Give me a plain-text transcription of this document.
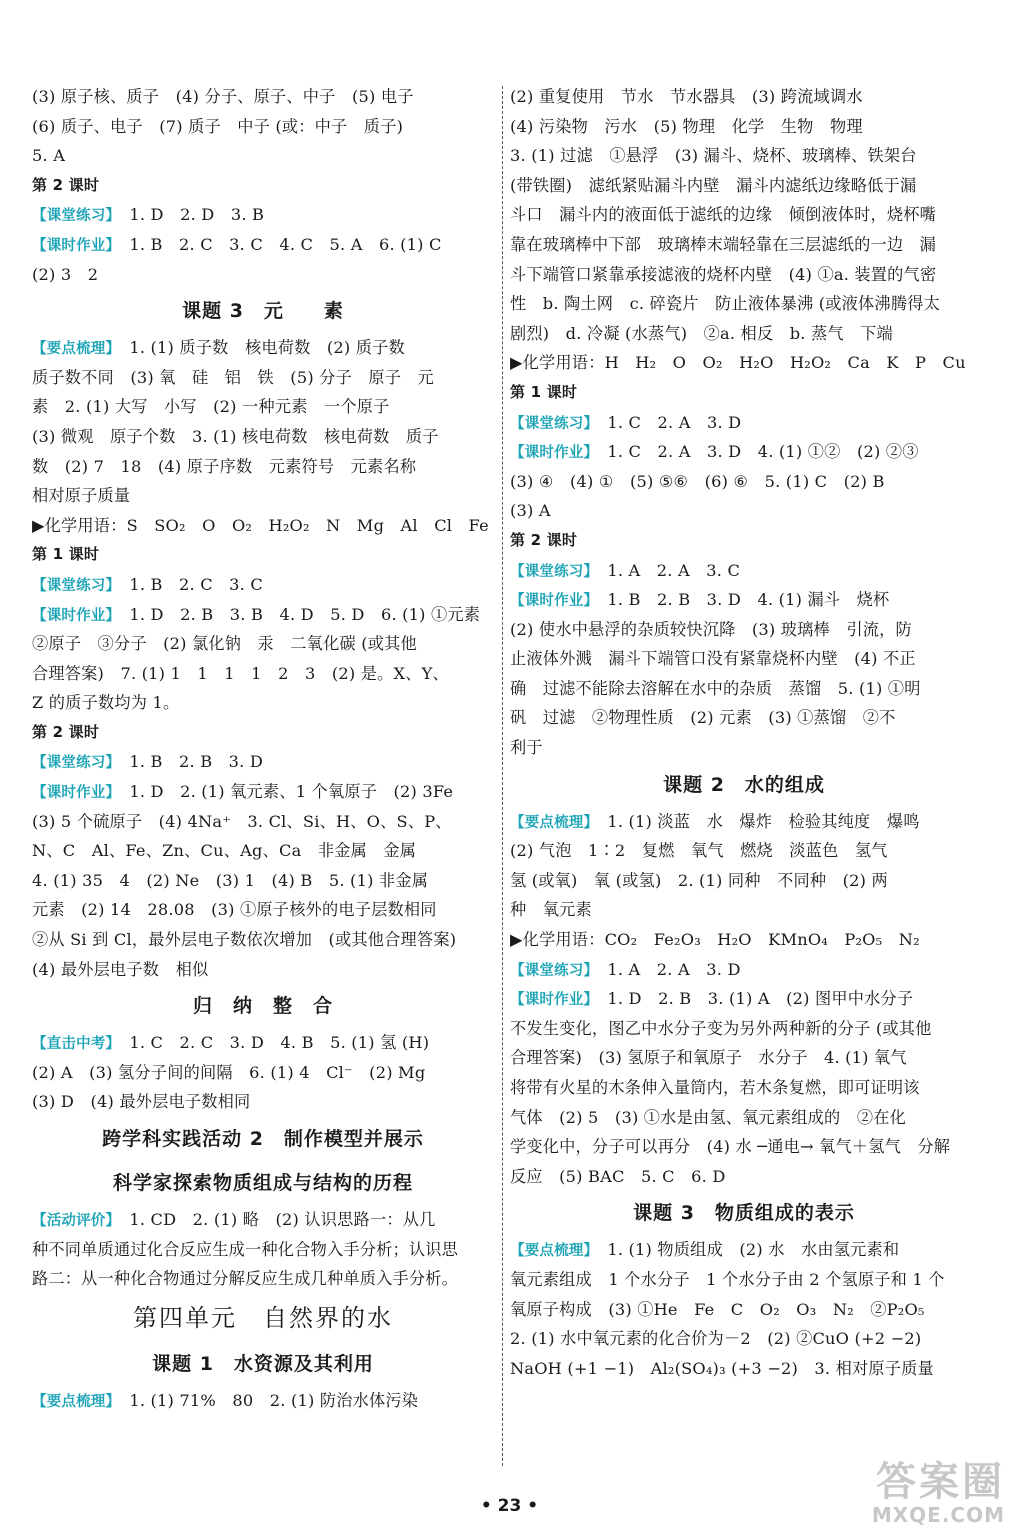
(3) 原子核、质子　(4) 分子、原子、中子　(5) 电子
(6) 质子、电子　(7) 质子　中子 (或：中子　质子)
5. A
第 2 课时
【课堂练习】　1. D　2. D　3. B
【课时作业】　1. B　2. C　3. C　4. C　5. A　6. (1) C
(2) 3　2
课题 3　元　　素
【要点梳理】　1. (1) 质子数　核电荷数　(2) 质子数
质子数不同　(3) 氧　硅　铝　铁　(5) 分子　原子　元
素　2. (1) 大写　小写　(2) 一种元素　一个原子
(3) 微观　原子个数　3. (1) 核电荷数　核电荷数　质子
数　(2) 7　18　(4) 原子序数　元素符号　元素名称
相对原子质量
▶化学用语：S　SO₂　O　O₂　H₂O₂　N　Mg　Al　Cl　Fe
第 1 课时
【课堂练习】　1. B　2. C　3. C
【课时作业】　1. D　2. B　3. B　4. D　5. D　6. (1) ①元素
②原子　③分子　(2) 氯化钠　汞　二氧化碳 (或其他
合理答案)　7. (1) 1　1　1　1　2　3　(2) 是。X、Y、
Z 的质子数均为 1。
第 2 课时
【课堂练习】　1. B　2. B　3. D
【课时作业】　1. D　2. (1) 氧元素、1 个氧原子　(2) 3Fe
(3) 5 个硫原子　(4) 4Na⁺　3. Cl、Si、H、O、S、P、
N、C　Al、Fe、Zn、Cu、Ag、Ca　非金属　金属
4. (1) 35　4　(2) Ne　(3) 1　(4) B　5. (1) 非金属
元素　(2) 14　28.08　(3) ①原子核外的电子层数相同
②从 Si 到 Cl，最外层电子数依次增加　(或其他合理答案)
(4) 最外层电子数　相似
归　纳　整　合
【直击中考】　1. C　2. C　3. D　4. B　5. (1) 氢 (H)
(2) A　(3) 氢分子间的间隔　6. (1) 4　Cl⁻　(2) Mg
(3) D　(4) 最外层电子数相同
跨学科实践活动 2　制作模型并展示
科学家探索物质组成与结构的历程
【活动评价】　1. CD　2. (1) 略　(2) 认识思路一：从几
种不同单质通过化合反应生成一种化合物入手分析；认识思
路二：从一种化合物通过分解反应生成几种单质入手分析。
第四单元　自然界的水
课题 1　水资源及其利用
【要点梳理】　1. (1) 71%　80　2. (1) 防治水体污染
(2) 重复使用　节水　节水器具　(3) 跨流域调水
(4) 污染物　污水　(5) 物理　化学　生物　物理
3. (1) 过滤　①悬浮　(3) 漏斗、烧杯、玻璃棒、铁架台
(带铁圈)　滤纸紧贴漏斗内壁　漏斗内滤纸边缘略低于漏
斗口　漏斗内的液面低于滤纸的边缘　倾倒液体时，烧杯嘴
靠在玻璃棒中下部　玻璃棒末端轻靠在三层滤纸的一边　漏
斗下端管口紧靠承接滤液的烧杯内壁　(4) ①a. 装置的气密
性　b. 陶土网　c. 碎瓷片　防止液体暴沸 (或液体沸腾得太
剧烈)　d. 冷凝 (水蒸气)　②a. 相反　b. 蒸气　下端
▶化学用语：H　H₂　O　O₂　H₂O　H₂O₂　Ca　K　P　Cu
第 1 课时
【课堂练习】　1. C　2. A　3. D
【课时作业】　1. C　2. A　3. D　4. (1) ①②　(2) ②③
(3) ④　(4) ①　(5) ⑤⑥　(6) ⑥　5. (1) C　(2) B
(3) A
第 2 课时
【课堂练习】　1. A　2. A　3. C
【课时作业】　1. B　2. B　3. D　4. (1) 漏斗　烧杯
(2) 使水中悬浮的杂质较快沉降　(3) 玻璃棒　引流，防
止液体外溅　漏斗下端管口没有紧靠烧杯内壁　(4) 不正
确　过滤不能除去溶解在水中的杂质　蒸馏　5. (1) ①明
矾　过滤　②物理性质　(2) 元素　(3) ①蒸馏　②不
利于
课题 2　水的组成
【要点梳理】　1. (1) 淡蓝　水　爆炸　检验其纯度　爆鸣
(2) 气泡　1∶2　复燃　氧气　燃烧　淡蓝色　氢气
氢 (或氧)　氧 (或氢)　2. (1) 同种　不同种　(2) 两
种　氧元素
▶化学用语：CO₂　Fe₂O₃　H₂O　KMnO₄　P₂O₅　N₂
【课堂练习】　1. A　2. A　3. D
【课时作业】　1. D　2. B　3. (1) A　(2) 图甲中水分子
不发生变化，图乙中水分子变为另外两种新的分子 (或其他
合理答案)　(3) 氢原子和氧原子　水分子　4. (1) 氧气
将带有火星的木条伸入量筒内，若木条复燃，即可证明该
气体　(2) 5　(3) ①水是由氢、氧元素组成的　②在化
学变化中，分子可以再分　(4) 水 ─通电→ 氧气＋氢气　分解
反应　(5) BAC　5. C　6. D
课题 3　物质组成的表示
【要点梳理】　1. (1) 物质组成　(2) 水　水由氢元素和
氧元素组成　1 个水分子　1 个水分子由 2 个氢原子和 1 个
氧原子构成　(3) ①He　Fe　C　O₂　O₃　N₂　②P₂O₅
2. (1) 水中氧元素的化合价为－2　(2) ②CuO (+2 −2)
NaOH (+1 −1)　Al₂(SO₄)₃ (+3 −2)　3. 相对原子质量
• 23 •
答案圈
MXQE.COM
